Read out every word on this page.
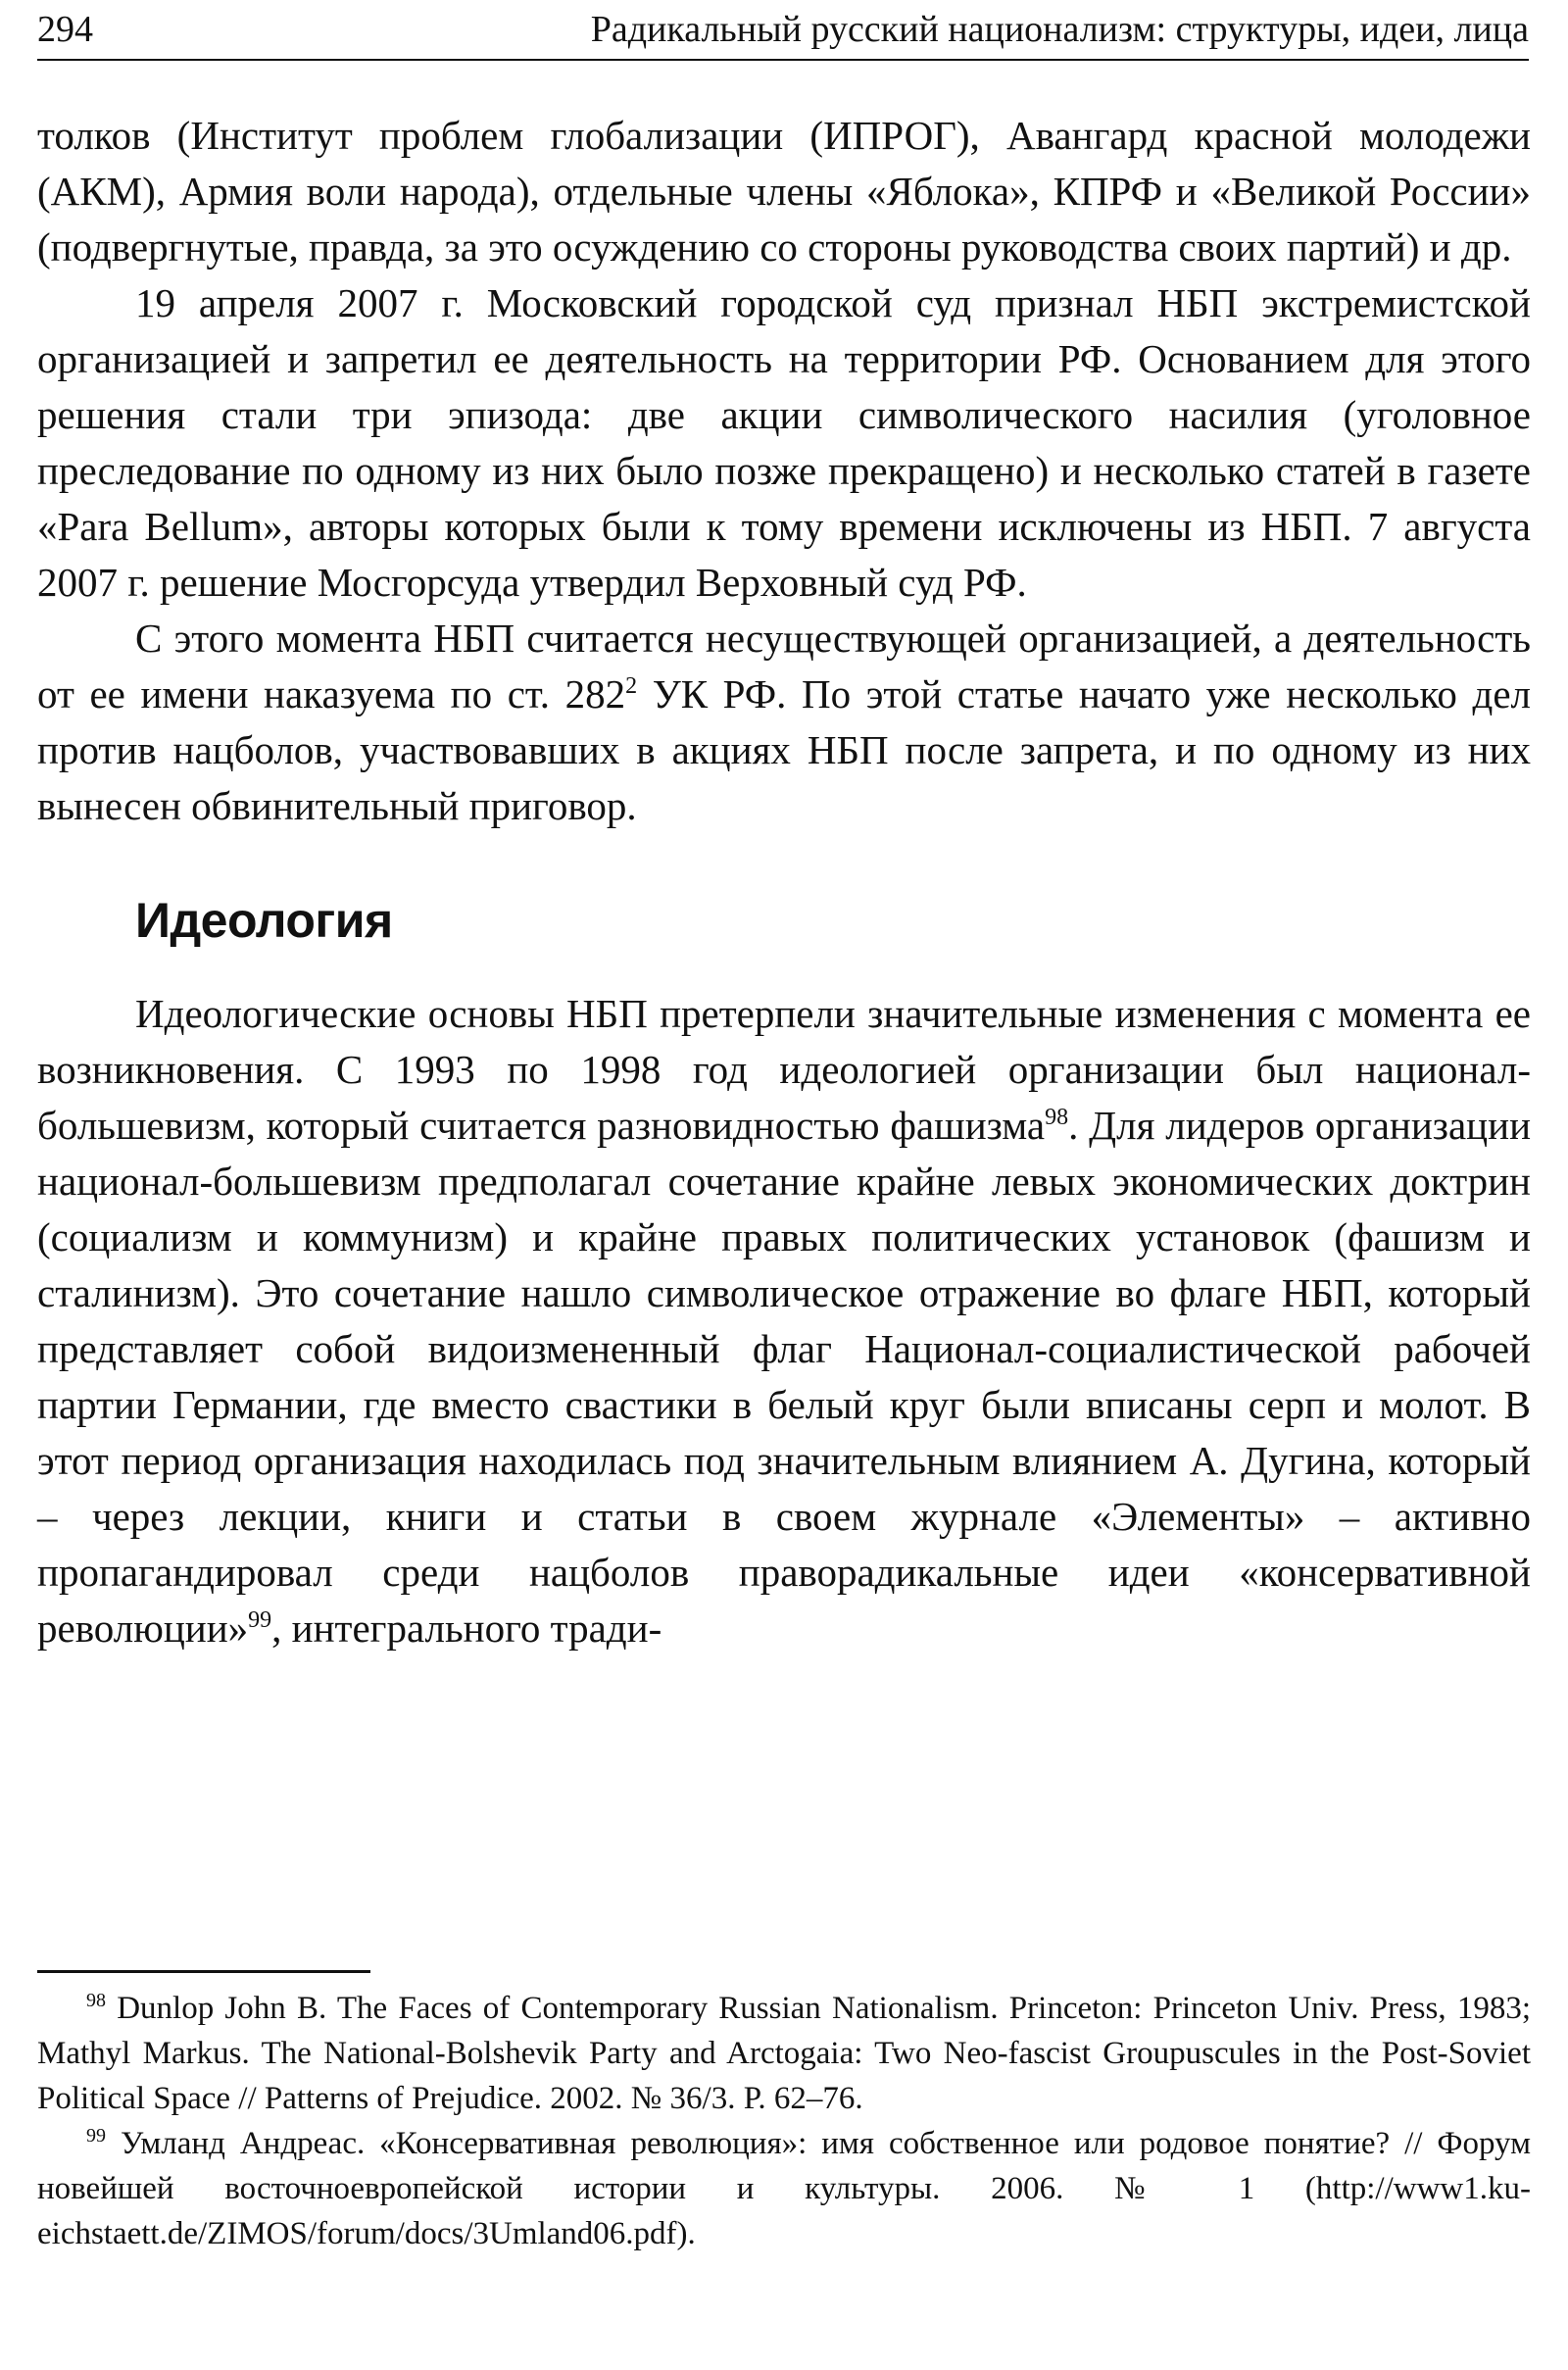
294	Радикальный русский национализм: структуры, идеи, лица

толков (Институт проблем глобализации (ИПРОГ), Авангард красной молодежи (АКМ), Армия воли народа), отдельные члены «Яблока», КПРФ и «Великой России» (подвергнутые, правда, за это осуждению со стороны руководства своих партий) и др.

19 апреля 2007 г. Московский городской суд признал НБП экстремистской организацией и запретил ее деятельность на территории РФ. Основанием для этого решения стали три эпизода: две акции символического насилия (уголовное преследование по одному из них было позже прекращено) и несколько статей в газете «Para Bellum», авторы которых были к тому времени исключены из НБП. 7 августа 2007 г. решение Мосгорсуда утвердил Верховный суд РФ.

С этого момента НБП считается несуществующей организацией, а деятельность от ее имени наказуема по ст. $282^2$ УК РФ. По этой статье начато уже несколько дел против нацболов, участвовавших в акциях НБП после запрета, и по одному из них вынесен обвинительный приговор.

Идеология

Идеологические основы НБП претерпели значительные изменения с момента ее возникновения. С 1993 по 1998 год идеологией организации был национал-большевизм, который считается разновидностью фашизма$^{98}$. Для лидеров организации национал-большевизм предполагал сочетание крайне левых экономических доктрин (социализм и коммунизм) и крайне правых политических установок (фашизм и сталинизм). Это сочетание нашло символическое отражение во флаге НБП, который представляет собой видоизмененный флаг Национал-социалистической рабочей партии Германии, где вместо свастики в белый круг были вписаны серп и молот. В этот период организация находилась под значительным влиянием А. Дугина, который – через лекции, книги и статьи в своем журнале «Элементы» – активно пропагандировал среди нацболов праворадикальные идеи «консервативной революции»$^{99}$, интегрального тради-

$^{98}$ Dunlop John B. The Faces of Contemporary Russian Nationalism. Princeton: Princeton Univ. Press, 1983; Mathyl Markus. The National-Bolshevik Party and Arctogaia: Two Neo-fascist Groupuscules in the Post-Soviet Political Space // Patterns of Prejudice. 2002. № 36/3. P. 62–76.

$^{99}$ Умланд Андреас. «Консервативная революция»: имя собственное или родовое понятие? // Форум новейшей восточноевропейской истории и культуры. 2006. № 1 (http://www1.ku-eichstaett.de/ZIMOS/forum/docs/3Umland06.pdf).
